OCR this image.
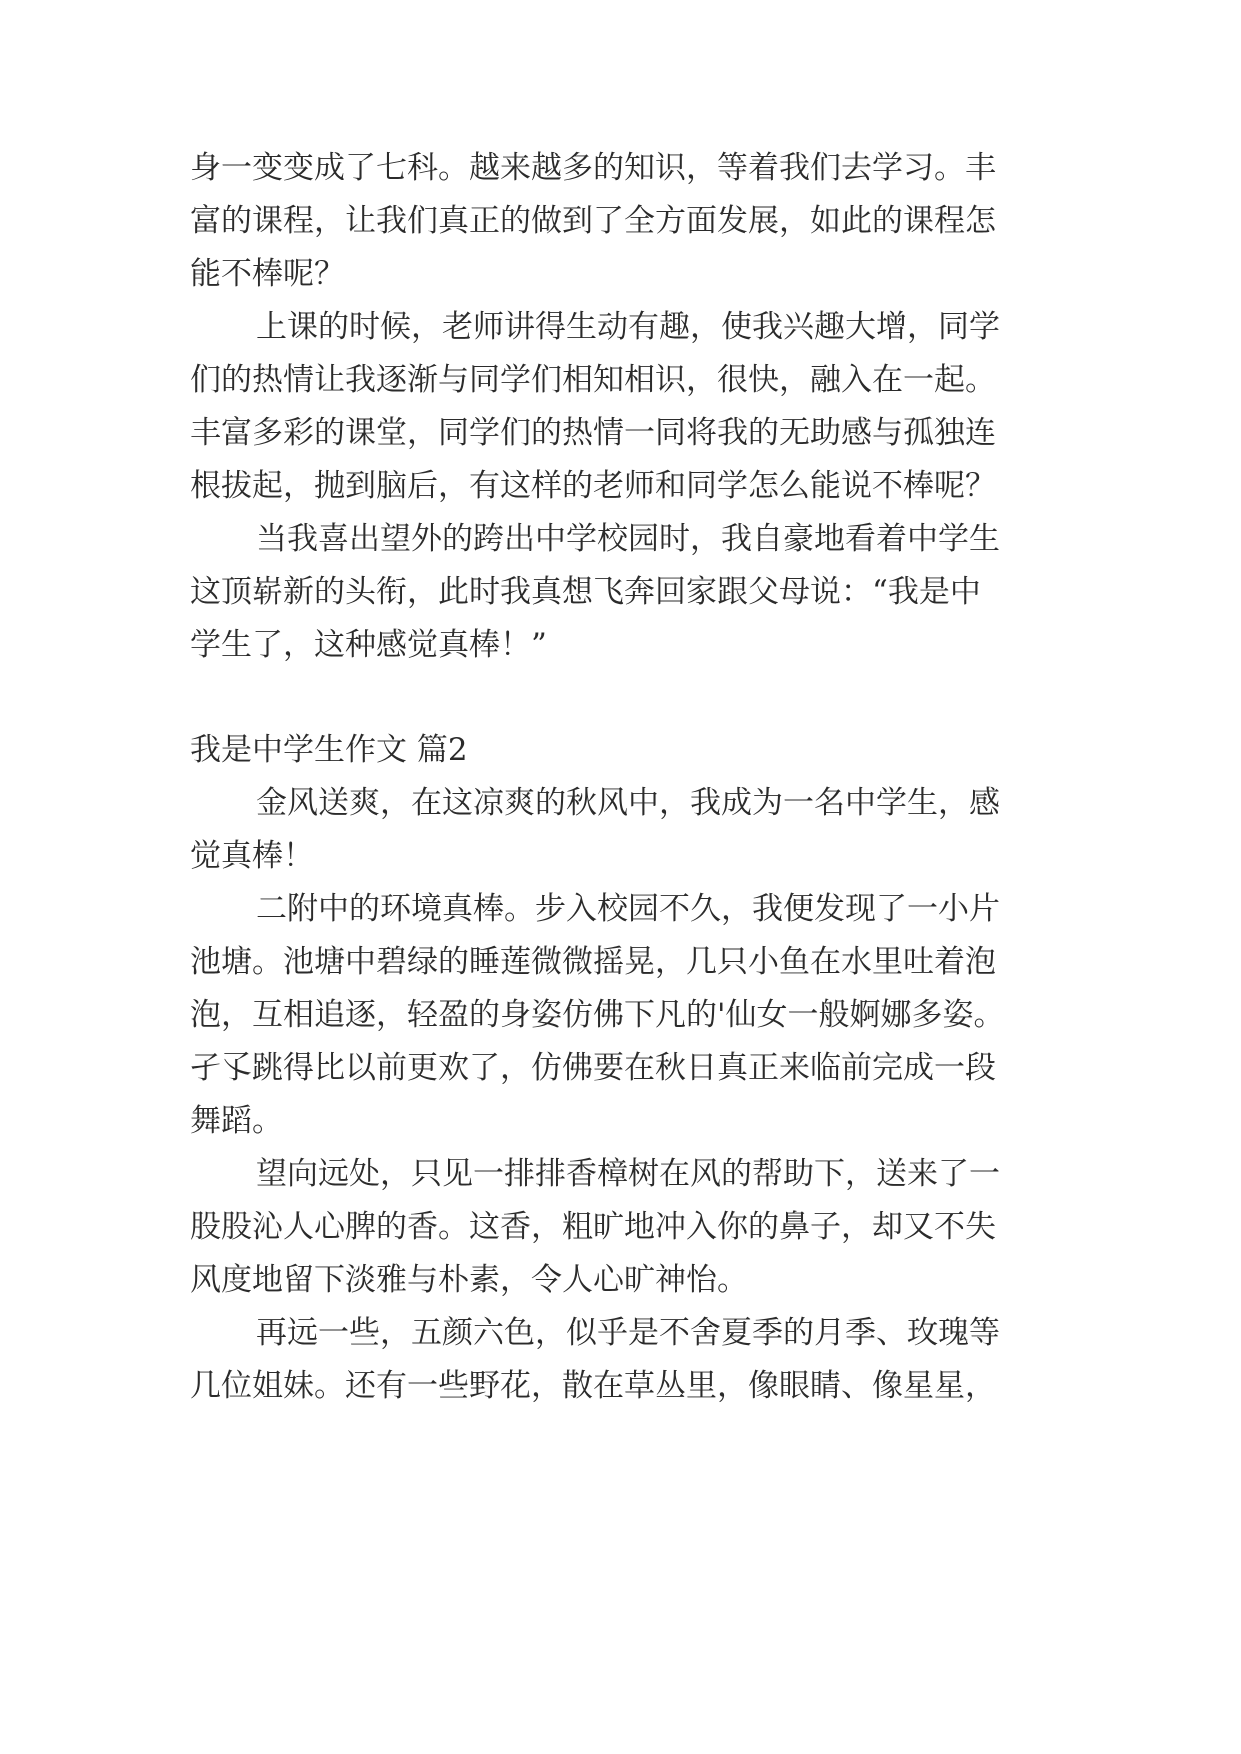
身一变变成了七科。越来越多的知识，等着我们去学习。丰
富的课程，让我们真正的做到了全方面发展，如此的课程怎
能不棒呢？
上课的时候，老师讲得生动有趣，使我兴趣大增，同学
们的热情让我逐渐与同学们相知相识，很快，融入在一起。
丰富多彩的课堂，同学们的热情一同将我的无助感与孤独连
根拔起，抛到脑后，有这样的老师和同学怎么能说不棒呢？
当我喜出望外的跨出中学校园时，我自豪地看着中学生
这顶崭新的头衔，此时我真想飞奔回家跟父母说：“我是中
学生了，这种感觉真棒！”
我是中学生作文 篇2
金风送爽，在这凉爽的秋风中，我成为一名中学生，感
觉真棒！
二附中的环境真棒。步入校园不久，我便发现了一小片
池塘。池塘中碧绿的睡莲微微摇晃，几只小鱼在水里吐着泡
泡，互相追逐，轻盈的身姿仿佛下凡的'仙女一般婀娜多姿。
孑孓跳得比以前更欢了，仿佛要在秋日真正来临前完成一段
舞蹈。
望向远处，只见一排排香樟树在风的帮助下，送来了一
股股沁人心脾的香。这香，粗旷地冲入你的鼻子，却又不失
风度地留下淡雅与朴素，令人心旷神怡。
再远一些，五颜六色，似乎是不舍夏季的月季、玫瑰等
几位姐妹。还有一些野花，散在草丛里，像眼睛、像星星，
